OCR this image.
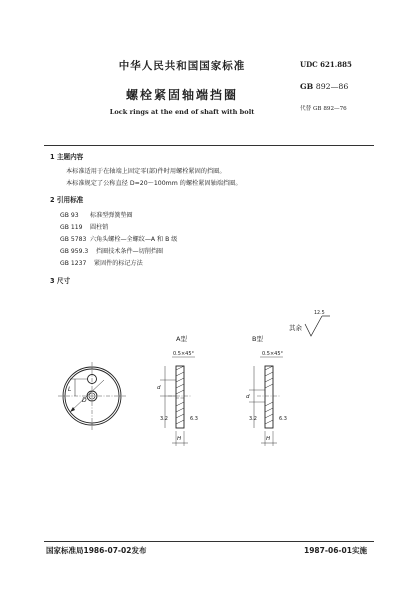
中华人民共和国国家标准	UDC 621.885
GB 892—86
代替 GB 892—76
螺栓紧固轴端挡圈
Lock rings at the end of shaft with bolt
1 主题内容
本标准适用于在轴端上固定零(部)件时用螺栓紧固的挡圈。
本标准规定了公称直径 D=20～100mm 的螺栓紧固轴端挡圈。
2 引用标准
GB 93 标准型弹簧垫圈
GB 119 圆柱销
GB 5783 六角头螺栓—全螺纹—A 和 B 级
GB 959.3 挡圈技术条件—切削挡圈
GB 1237 紧固件的标记方法
3 尺寸
L
D
A型
0.5×45°
d
3.2	6.3
H
B型
0.5×45°
d
3.2	6.3
H
其余
12.5
国家标准局1986-07-02发布	1987-06-01实施
